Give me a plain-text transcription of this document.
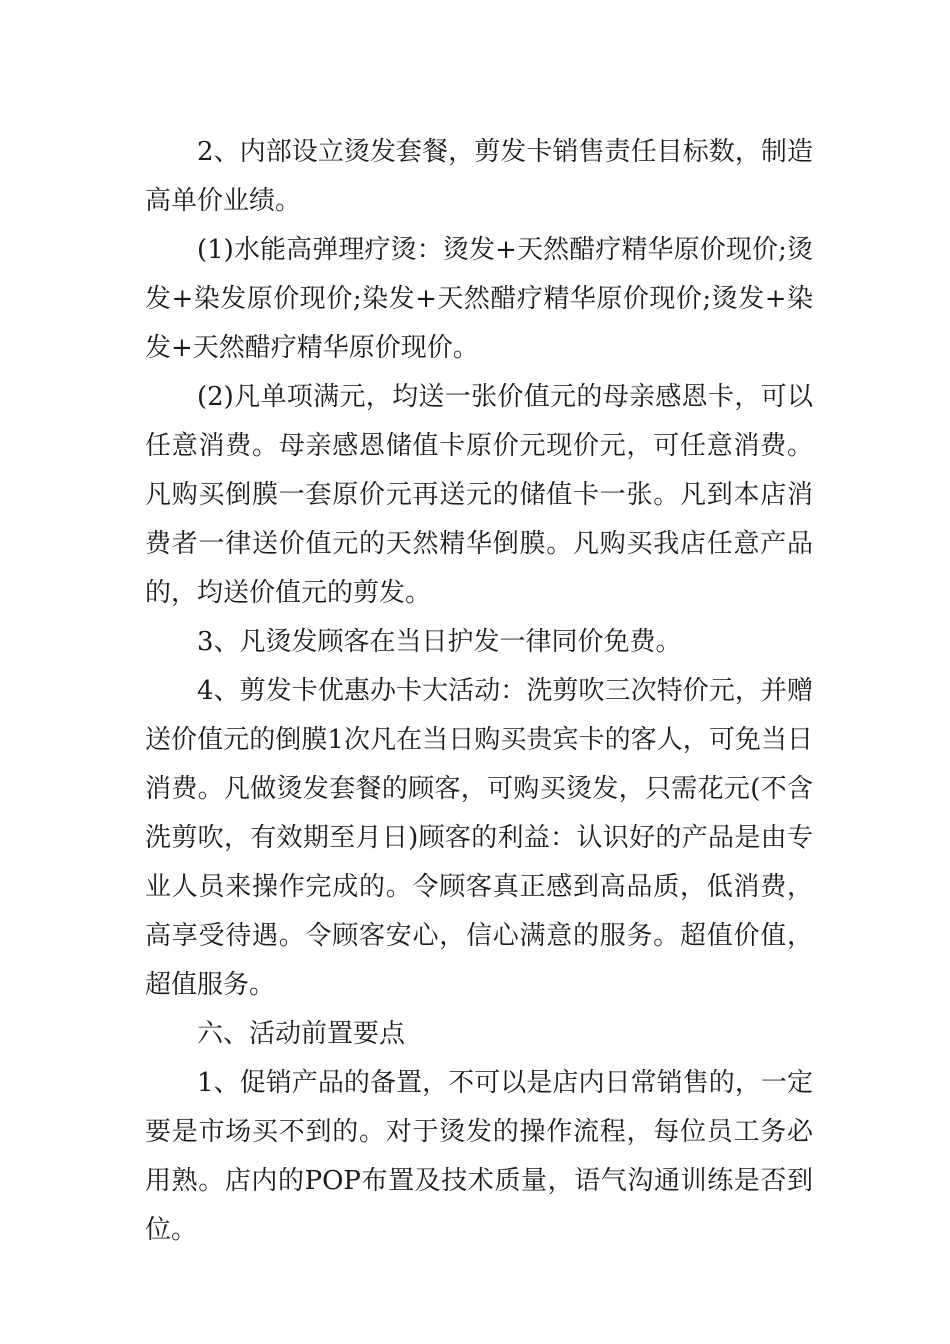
2、内部设立烫发套餐，剪发卡销售责任目标数，制造高单价业绩。

(1)水能高弹理疗烫：烫发+天然醋疗精华原价现价;烫发+染发原价现价;染发+天然醋疗精华原价现价;烫发+染发+天然醋疗精华原价现价。

(2)凡单项满元，均送一张价值元的母亲感恩卡，可以任意消费。母亲感恩储值卡原价元现价元，可任意消费。凡购买倒膜一套原价元再送元的储值卡一张。凡到本店消费者一律送价值元的天然精华倒膜。凡购买我店任意产品的，均送价值元的剪发。

3、凡烫发顾客在当日护发一律同价免费。

4、剪发卡优惠办卡大活动：洗剪吹三次特价元，并赠送价值元的倒膜1次凡在当日购买贵宾卡的客人，可免当日消费。凡做烫发套餐的顾客，可购买烫发，只需花元(不含洗剪吹，有效期至月日)顾客的利益：认识好的产品是由专业人员来操作完成的。令顾客真正感到高品质，低消费，高享受待遇。令顾客安心，信心满意的服务。超值价值，超值服务。

六、活动前置要点

1、促销产品的备置，不可以是店内日常销售的，一定要是市场买不到的。对于烫发的操作流程，每位员工务必用熟。店内的POP布置及技术质量，语气沟通训练是否到位。
